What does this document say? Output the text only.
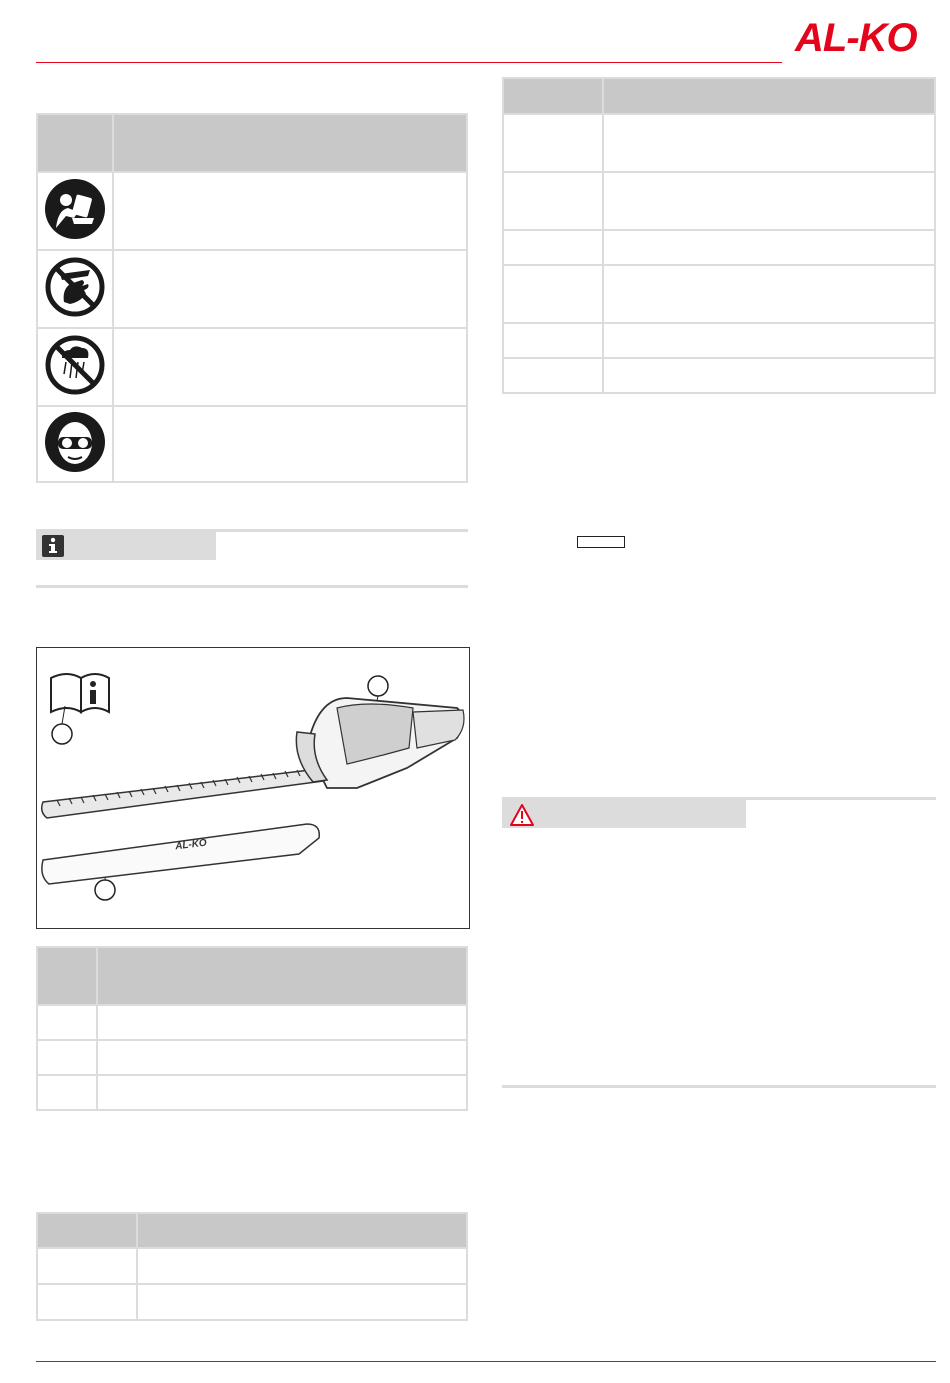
AL-KO

AL-KO
